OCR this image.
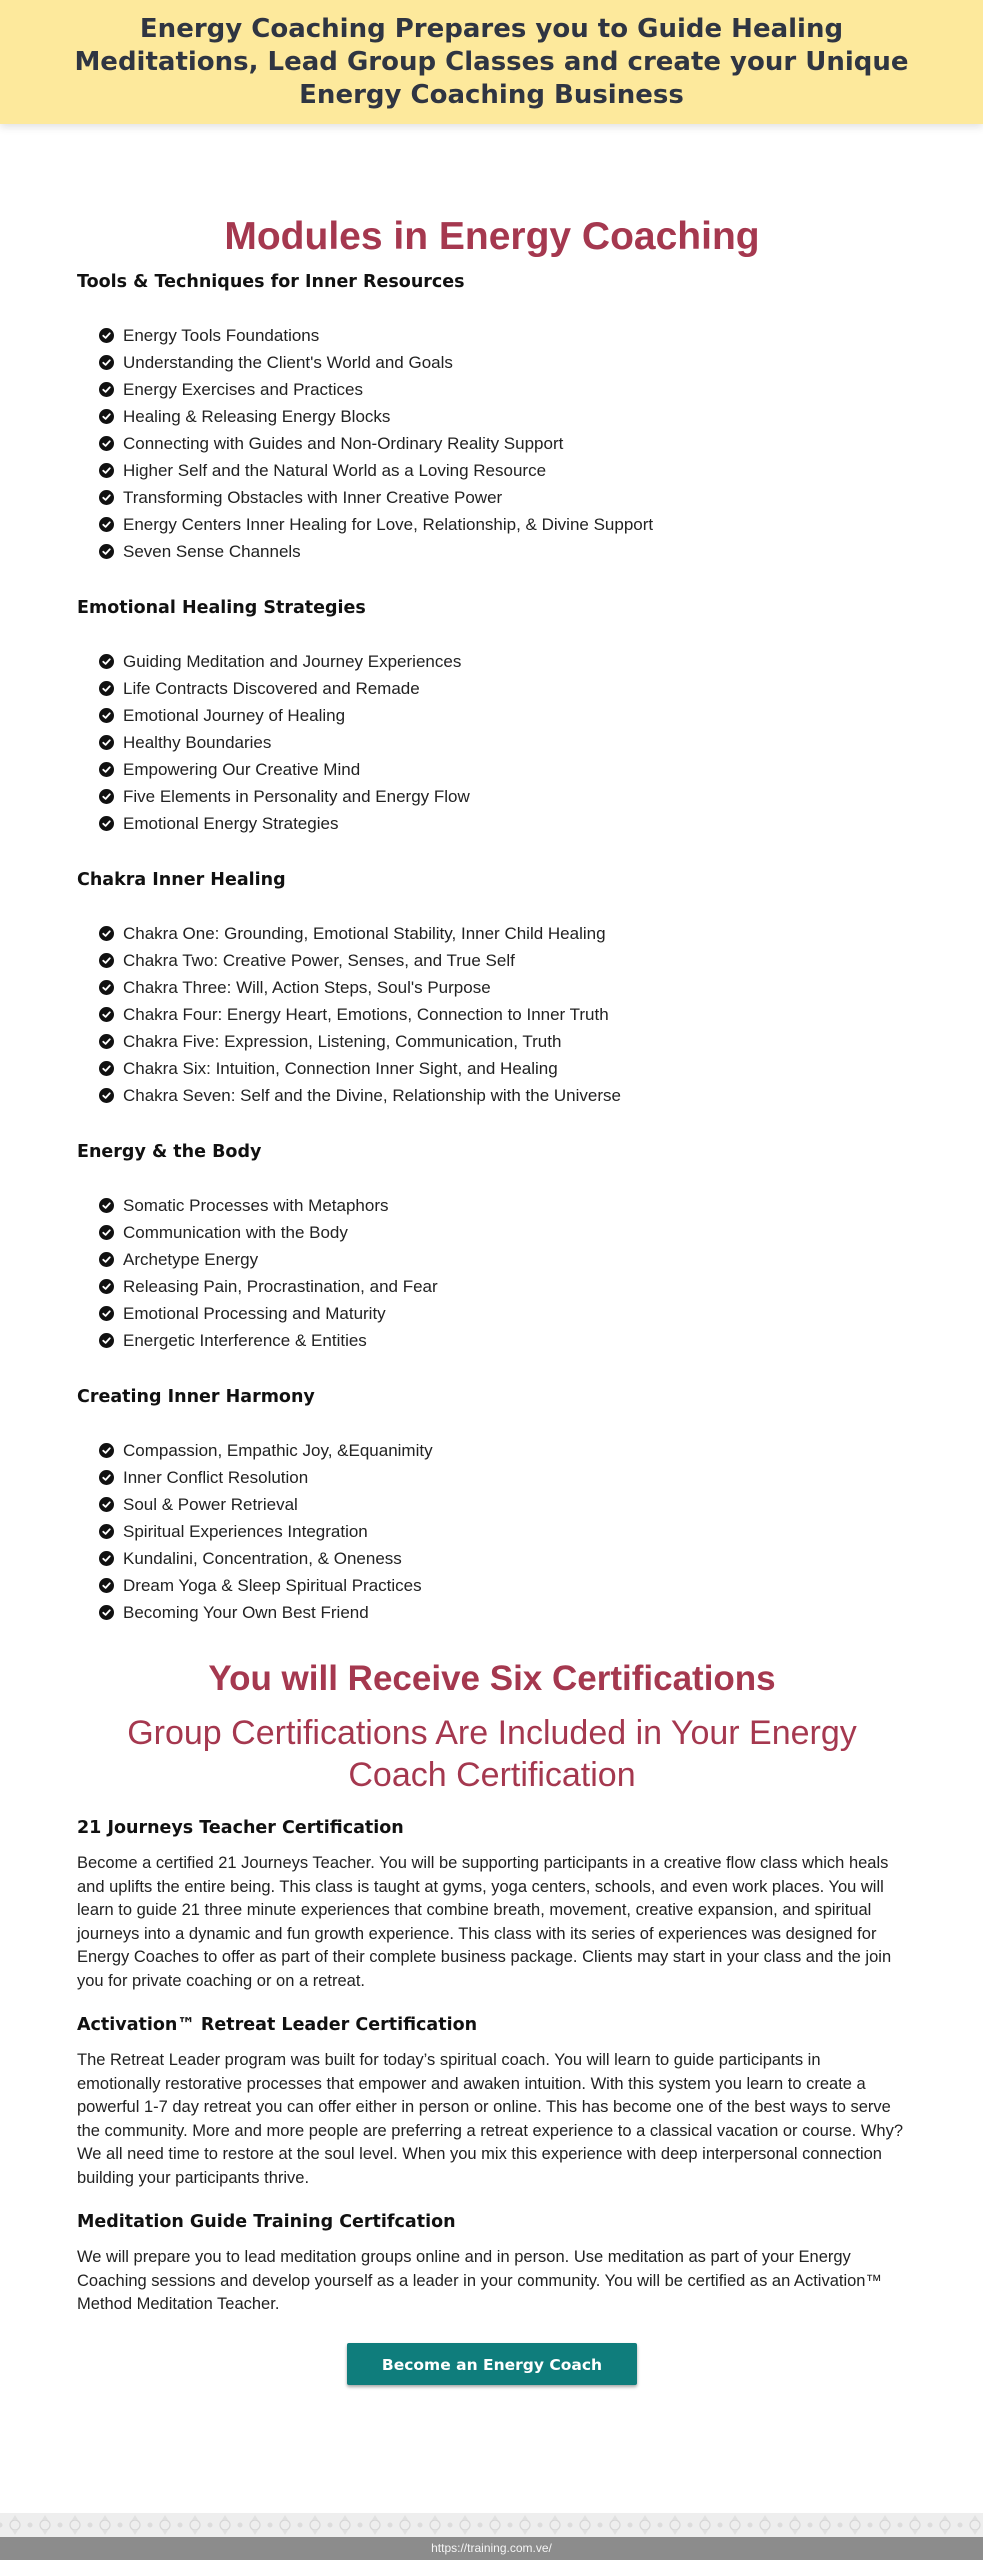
Energy Coaching Prepares you to Guide Healing Meditations, Lead Group Classes and create your Unique Energy Coaching Business
Modules in Energy Coaching
Tools & Techniques for Inner Resources
Energy Tools Foundations
Understanding the Client's World and Goals
Energy Exercises and Practices
Healing & Releasing Energy Blocks
Connecting with Guides and Non-Ordinary Reality Support
Higher Self and the Natural World as a Loving Resource
Transforming Obstacles with Inner Creative Power
Energy Centers Inner Healing for Love, Relationship, & Divine Support
Seven Sense Channels
Emotional Healing Strategies
Guiding Meditation and Journey Experiences
Life Contracts Discovered and Remade
Emotional Journey of Healing
Healthy Boundaries
Empowering Our Creative Mind
Five Elements in Personality and Energy Flow
Emotional Energy Strategies
Chakra Inner Healing
Chakra One: Grounding, Emotional Stability, Inner Child Healing
Chakra Two: Creative Power, Senses, and True Self
Chakra Three: Will, Action Steps, Soul's Purpose
Chakra Four: Energy Heart, Emotions, Connection to Inner Truth
Chakra Five: Expression, Listening, Communication, Truth
Chakra Six: Intuition, Connection Inner Sight, and Healing
Chakra Seven: Self and the Divine, Relationship with the Universe
Energy & the Body
Somatic Processes with Metaphors
Communication with the Body
Archetype Energy
Releasing Pain, Procrastination, and Fear
Emotional Processing and Maturity
Energetic Interference & Entities
Creating Inner Harmony
Compassion, Empathic Joy, &Equanimity
Inner Conflict Resolution
Soul & Power Retrieval
Spiritual Experiences Integration
Kundalini, Concentration, & Oneness
Dream Yoga & Sleep Spiritual Practices
Becoming Your Own Best Friend
You will Receive Six Certifications
Group Certifications Are Included in Your Energy Coach Certification
21 Journeys Teacher Certification

Become a certified 21 Journeys Teacher. You will be supporting participants in a creative flow class which heals and uplifts the entire being. This class is taught at gyms, yoga centers, schools, and even work places. You will learn to guide 21 three minute experiences that combine breath, movement, creative expansion, and spiritual journeys into a dynamic and fun growth experience. This class with its series of experiences was designed for Energy Coaches to offer as part of their complete business package. Clients may start in your class and the join you for private coaching or on a retreat.

Activation™ Retreat Leader Certification

The Retreat Leader program was built for today’s spiritual coach. You will learn to guide participants in emotionally restorative processes that empower and awaken intuition. With this system you learn to create a powerful 1-7 day retreat you can offer either in person or online. This has become one of the best ways to serve the community. More and more people are preferring a retreat experience to a classical vacation or course. Why? We all need time to restore at the soul level. When you mix this experience with deep interpersonal connection building your participants thrive.

Meditation Guide Training Certifcation

We will prepare you to lead meditation groups online and in person. Use meditation as part of your Energy Coaching sessions and develop yourself as a leader in your community. You will be certified as an Activation™ Method Meditation Teacher.

Become an Energy Coach
https://training.com.ve/
